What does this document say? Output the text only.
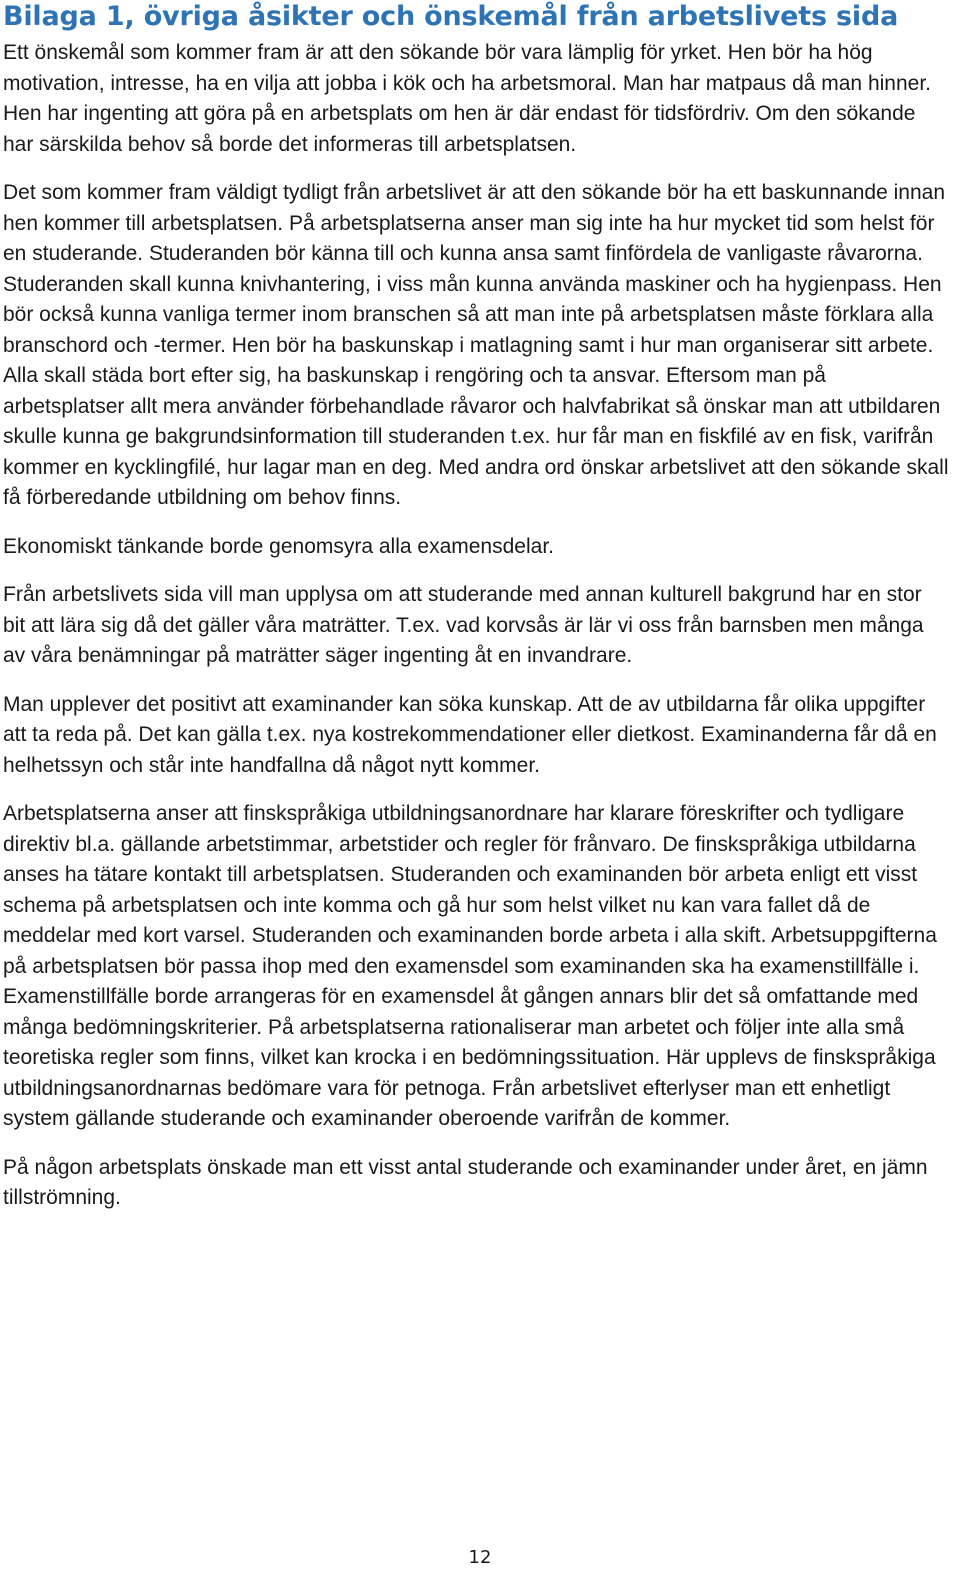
Bilaga 1, övriga åsikter och önskemål från arbetslivets sida

Ett önskemål som kommer fram är att den sökande bör vara lämplig för yrket. Hen bör ha hög motivation, intresse, ha en vilja att jobba i kök och ha arbetsmoral. Man har matpaus då man hinner. Hen har ingenting att göra på en arbetsplats om hen är där endast för tidsfördriv. Om den sökande har särskilda behov så borde det informeras till arbetsplatsen.

Det som kommer fram väldigt tydligt från arbetslivet är att den sökande bör ha ett baskunnande innan hen kommer till arbetsplatsen. På arbetsplatserna anser man sig inte ha hur mycket tid som helst för en studerande. Studeranden bör känna till och kunna ansa samt finfördela de vanligaste råvarorna. Studeranden skall kunna knivhantering, i viss mån kunna använda maskiner och ha hygienpass. Hen bör också kunna vanliga termer inom branschen så att man inte på arbetsplatsen måste förklara alla branschord och -termer. Hen bör ha baskunskap i matlagning samt i hur man organiserar sitt arbete. Alla skall städa bort efter sig, ha baskunskap i rengöring och ta ansvar. Eftersom man på arbetsplatser allt mera använder förbehandlade råvaror och halvfabrikat så önskar man att utbildaren skulle kunna ge bakgrundsinformation till studeranden t.ex. hur får man en fiskfilé av en fisk, varifrån kommer en kycklingfilé, hur lagar man en deg. Med andra ord önskar arbetslivet att den sökande skall få förberedande utbildning om behov finns.

Ekonomiskt tänkande borde genomsyra alla examensdelar.

Från arbetslivets sida vill man upplysa om att studerande med annan kulturell bakgrund har en stor bit att lära sig då det gäller våra maträtter. T.ex. vad korvsås är lär vi oss från barnsben men många av våra benämningar på maträtter säger ingenting åt en invandrare.

Man upplever det positivt att examinander kan söka kunskap. Att de av utbildarna får olika uppgifter att ta reda på. Det kan gälla t.ex. nya kostrekommendationer eller dietkost. Examinanderna får då en helhetssyn och står inte handfallna då något nytt kommer.

Arbetsplatserna anser att finskspråkiga utbildningsanordnare har klarare föreskrifter och tydligare direktiv bl.a. gällande arbetstimmar, arbetstider och regler för frånvaro. De finskspråkiga utbildarna anses ha tätare kontakt till arbetsplatsen. Studeranden och examinanden bör arbeta enligt ett visst schema på arbetsplatsen och inte komma och gå hur som helst vilket nu kan vara fallet då de meddelar med kort varsel. Studeranden och examinanden borde arbeta i alla skift. Arbetsuppgifterna på arbetsplatsen bör passa ihop med den examensdel som examinanden ska ha examenstillfälle i. Examenstillfälle borde arrangeras för en examensdel åt gången annars blir det så omfattande med många bedömningskriterier. På arbetsplatserna rationaliserar man arbetet och följer inte alla små teoretiska regler som finns, vilket kan krocka i en bedömningssituation. Här upplevs de finskspråkiga utbildningsanordnarnas bedömare vara för petnoga. Från arbetslivet efterlyser man ett enhetligt system gällande studerande och examinander oberoende varifrån de kommer.

På någon arbetsplats önskade man ett visst antal studerande och examinander under året, en jämn tillströmning.

12
